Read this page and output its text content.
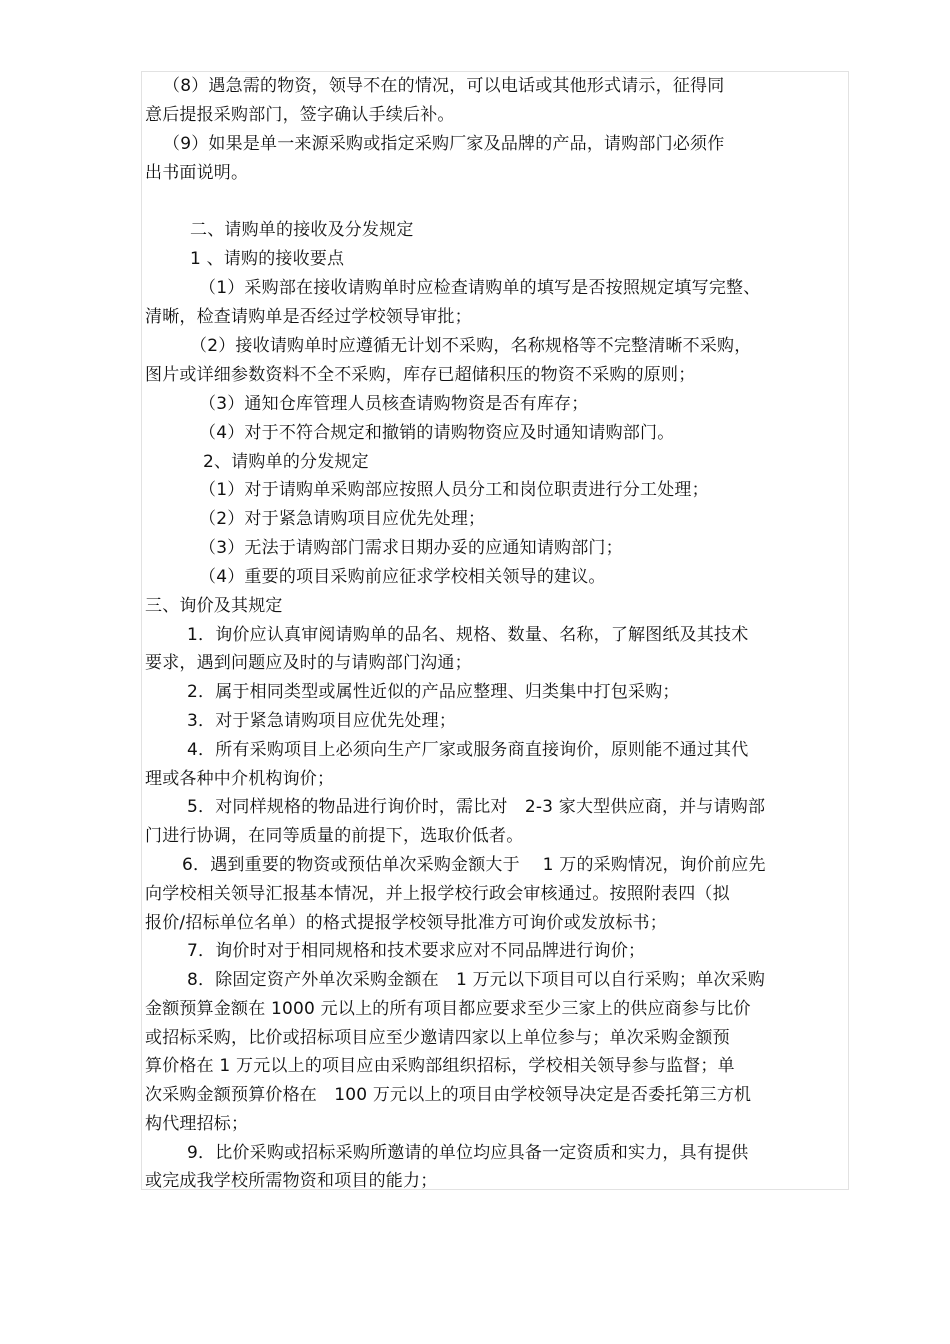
（8）遇急需的物资，领导不在的情况，可以电话或其他形式请示，征得同
意后提报采购部门，签字确认手续后补。
（9）如果是单一来源采购或指定采购厂家及品牌的产品，请购部门必须作
出书面说明。
二、请购单的接收及分发规定
1 、请购的接收要点
（1）采购部在接收请购单时应检查请购单的填写是否按照规定填写完整、
清晰，检查请购单是否经过学校领导审批；
（2）接收请购单时应遵循无计划不采购，名称规格等不完整清晰不采购，
图片或详细参数资料不全不采购，库存已超储积压的物资不采购的原则；
（3）通知仓库管理人员核查请购物资是否有库存；
（4）对于不符合规定和撤销的请购物资应及时通知请购部门。
2、请购单的分发规定
（1）对于请购单采购部应按照人员分工和岗位职责进行分工处理；
（2）对于紧急请购项目应优先处理；
（3）无法于请购部门需求日期办妥的应通知请购部门；
（4）重要的项目采购前应征求学校相关领导的建议。
三、询价及其规定
1．询价应认真审阅请购单的品名、规格、数量、名称，了解图纸及其技术
要求，遇到问题应及时的与请购部门沟通；
2．属于相同类型或属性近似的产品应整理、归类集中打包采购；
3．对于紧急请购项目应优先处理；
4．所有采购项目上必须向生产厂家或服务商直接询价，原则能不通过其代
理或各种中介机构询价；
5．对同样规格的物品进行询价时，需比对　2-3 家大型供应商，并与请购部
门进行协调，在同等质量的前提下，选取价低者。
6．遇到重要的物资或预估单次采购金额大于　 1 万的采购情况，询价前应先
向学校相关领导汇报基本情况，并上报学校行政会审核通过。按照附表四（拟
报价/招标单位名单）的格式提报学校领导批准方可询价或发放标书；
7．询价时对于相同规格和技术要求应对不同品牌进行询价；
8．除固定资产外单次采购金额在　1 万元以下项目可以自行采购；单次采购
金额预算金额在 1000 元以上的所有项目都应要求至少三家上的供应商参与比价
或招标采购，比价或招标项目应至少邀请四家以上单位参与；单次采购金额预
算价格在 1 万元以上的项目应由采购部组织招标，学校相关领导参与监督；单
次采购金额预算价格在　100 万元以上的项目由学校领导决定是否委托第三方机
构代理招标；
9．比价采购或招标采购所邀请的单位均应具备一定资质和实力，具有提供
或完成我学校所需物资和项目的能力；
